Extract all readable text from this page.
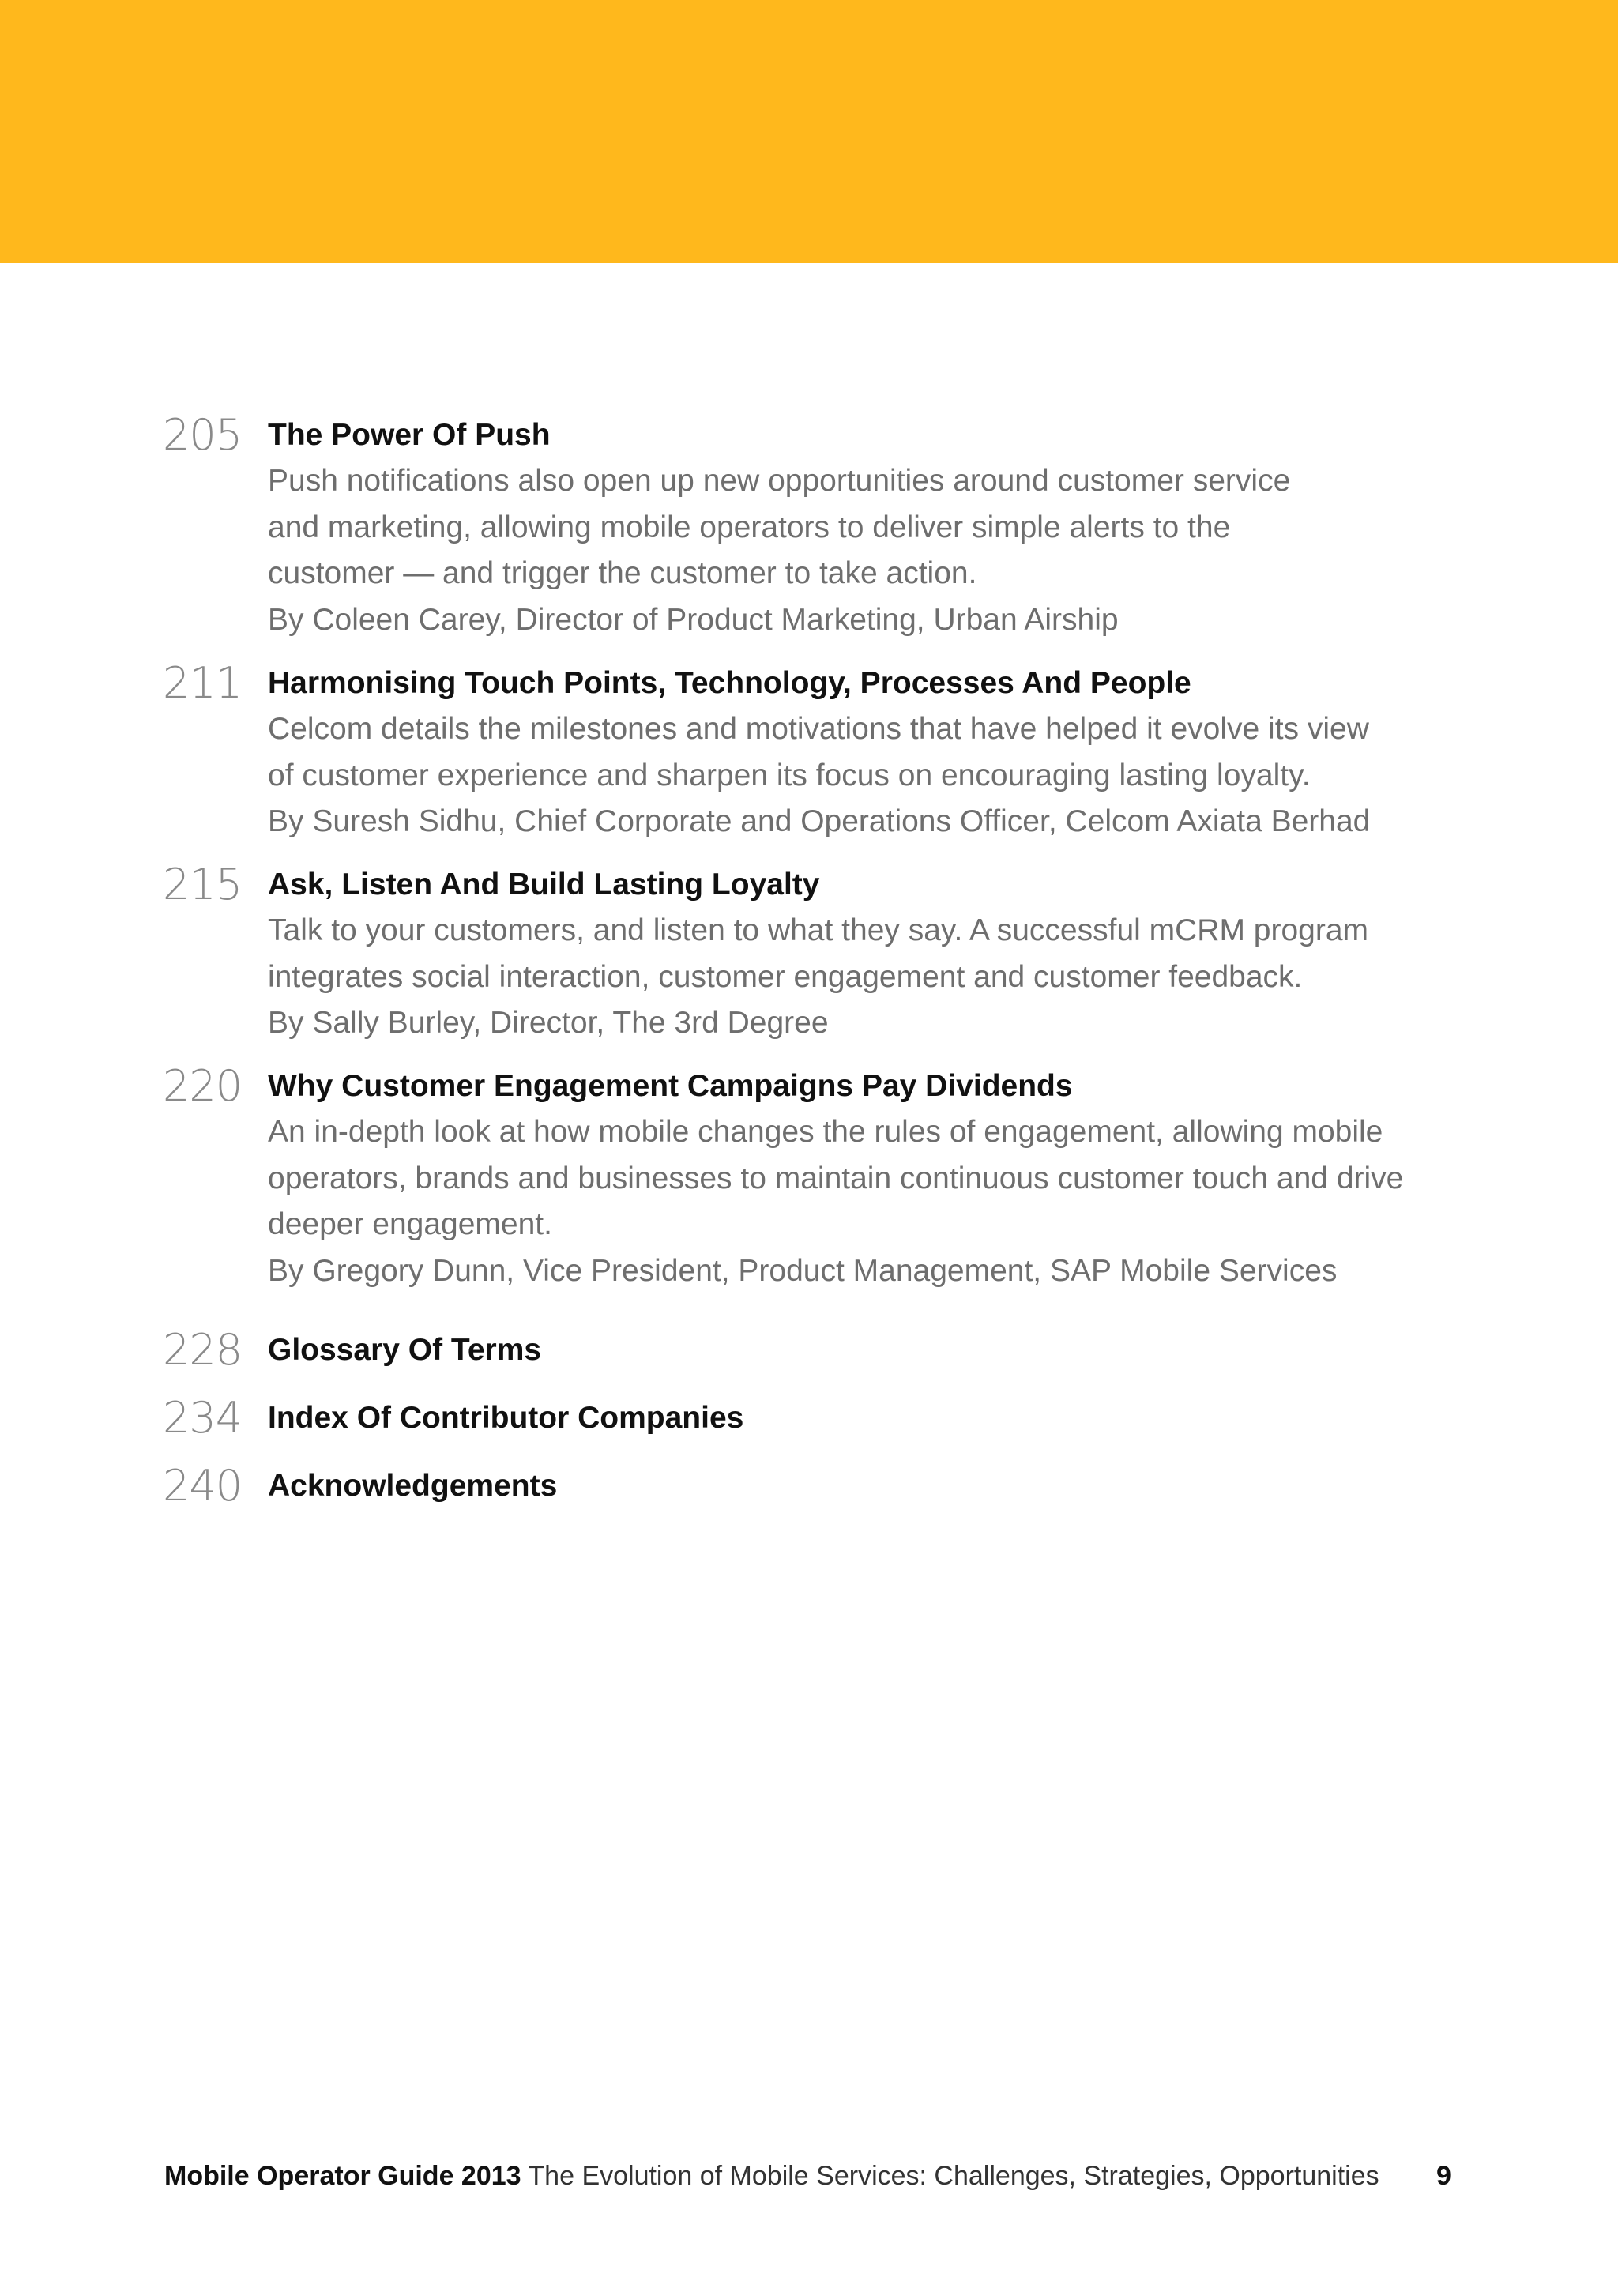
205 The Power Of Push

Push notifications also open up new opportunities around customer service
and marketing, allowing mobile operators to deliver simple alerts to the
customer — and trigger the customer to take action.

By Coleen Carey, Director of Product Marketing, Urban Airship

211 Harmonising Touch Points, Technology, Processes And People

Celcom details the milestones and motivations that have helped it evolve its view
of customer experience and sharpen its focus on encouraging lasting loyalty.

By Suresh Sidhu, Chief Corporate and Operations Officer, Celcom Axiata Berhad

215 Ask, Listen And Build Lasting Loyalty

Talk to your customers, and listen to what they say. A successful mCRM program
integrates social interaction, customer engagement and customer feedback.

By Sally Burley, Director, The 3rd Degree

220 Why Customer Engagement Campaigns Pay Dividends

An in-depth look at how mobile changes the rules of engagement, allowing mobile
operators, brands and businesses to maintain continuous customer touch and drive
deeper engagement.

By Gregory Dunn, Vice President, Product Management, SAP Mobile Services

228 Glossary Of Terms

234 Index Of Contributor Companies

240 Acknowledgements

Mobile Operator Guide 2013 The Evolution of Mobile Services: Challenges, Strategies, Opportunities	9
